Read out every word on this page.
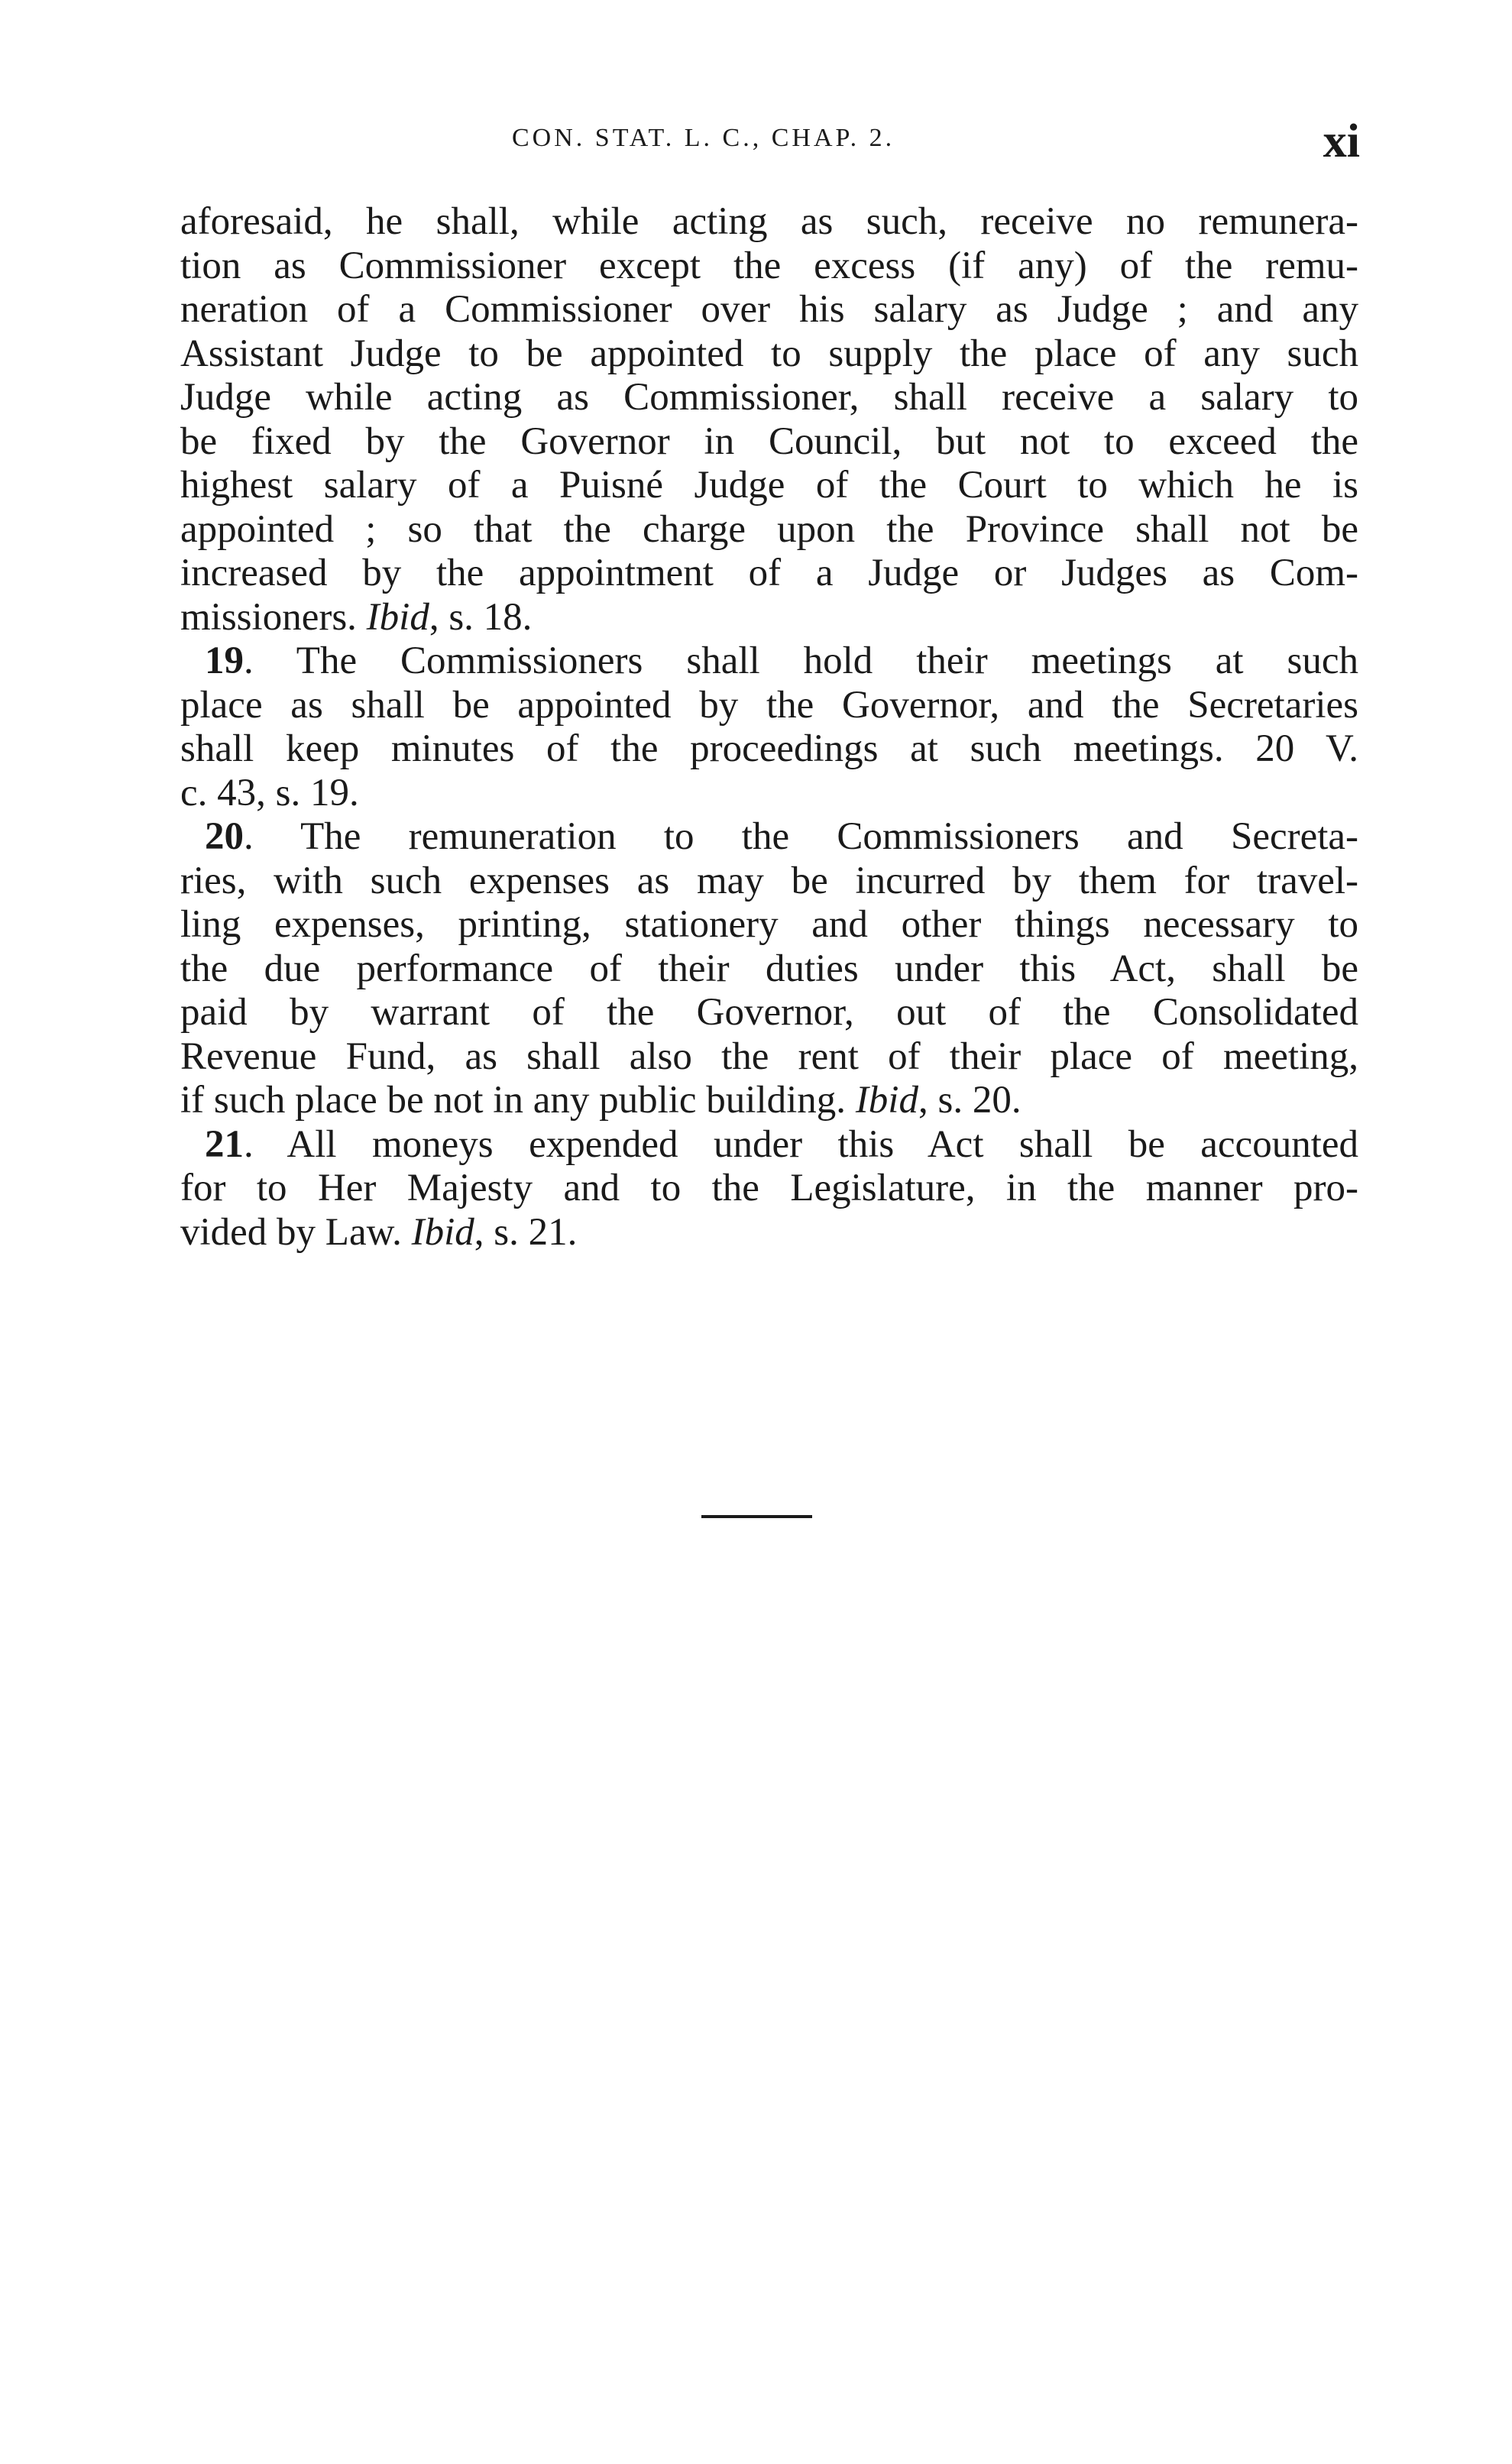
CON. STAT. L. C., CHAP. 2.	xi
aforesaid, he shall, while acting as such, receive no remunera-
tion as Commissioner except the excess (if any) of the remu-
neration of a Commissioner over his salary as Judge ; and any
Assistant Judge to be appointed to supply the place of any such
Judge while acting as Commissioner, shall receive a salary to
be fixed by the Governor in Council, but not to exceed the
highest salary of a Puisné Judge of the Court to which he is
appointed ; so that the charge upon the Province shall not be
increased by the appointment of a Judge or Judges as Com-
missioners. Ibid, s. 18.
19. The Commissioners shall hold their meetings at such
place as shall be appointed by the Governor, and the Secretaries
shall keep minutes of the proceedings at such meetings. 20 V.
c. 43, s. 19.
20. The remuneration to the Commissioners and Secreta-
ries, with such expenses as may be incurred by them for travel-
ling expenses, printing, stationery and other things necessary to
the due performance of their duties under this Act, shall be
paid by warrant of the Governor, out of the Consolidated
Revenue Fund, as shall also the rent of their place of meeting,
if such place be not in any public building. Ibid, s. 20.
21. All moneys expended under this Act shall be accounted
for to Her Majesty and to the Legislature, in the manner pro-
vided by Law. Ibid, s. 21.
